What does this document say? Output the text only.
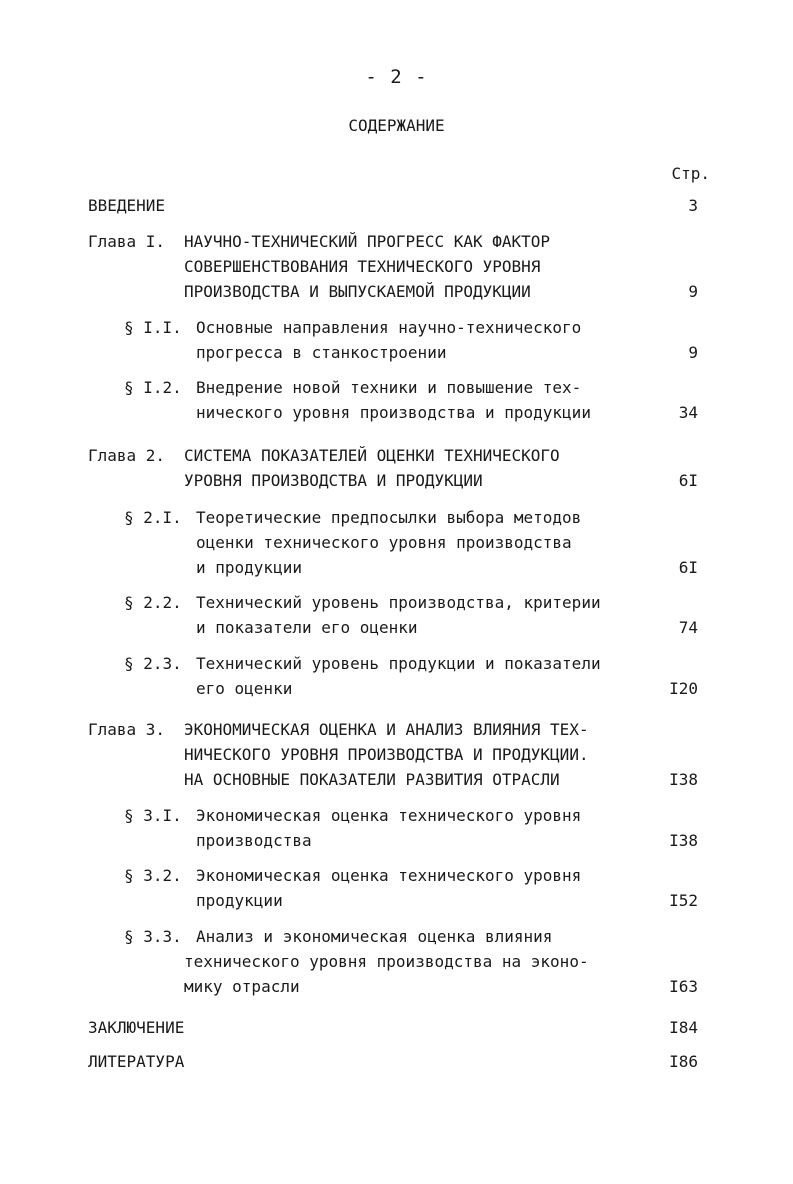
- 2 -
СОДЕРЖАНИЕ
Стр.
ВВЕДЕНИЕ	3
Глава I. НАУЧНО-ТЕХНИЧЕСКИЙ ПРОГРЕСС КАК ФАКТОР
СОВЕРШЕНСТВОВАНИЯ ТЕХНИЧЕСКОГО УРОВНЯ
ПРОИЗВОДСТВА И ВЫПУСКАЕМОЙ ПРОДУКЦИИ	9
§ I.I. Основные направления научно-технического
прогресса в станкостроении	9
§ I.2. Внедрение новой техники и повышение тех-
нического уровня производства и продукции	34
Глава 2. СИСТЕМА ПОКАЗАТЕЛЕЙ ОЦЕНКИ ТЕХНИЧЕСКОГО
УРОВНЯ ПРОИЗВОДСТВА И ПРОДУКЦИИ	6I
§ 2.I. Теоретические предпосылки выбора методов
оценки технического уровня производства
и продукции	6I
§ 2.2. Технический уровень производства, критерии
и показатели его оценки	74
§ 2.3. Технический уровень продукции и показатели
его оценки	I20
Глава 3. ЭКОНОМИЧЕСКАЯ ОЦЕНКА И АНАЛИЗ ВЛИЯНИЯ ТЕХ-
НИЧЕСКОГО УРОВНЯ ПРОИЗВОДСТВА И ПРОДУКЦИИ.
НА ОСНОВНЫЕ ПОКАЗАТЕЛИ РАЗВИТИЯ ОТРАСЛИ	I38
§ 3.I. Экономическая оценка технического уровня
производства	I38
§ 3.2. Экономическая оценка технического уровня
продукции	I52
§ 3.3. Анализ и экономическая оценка влияния
технического уровня производства на эконо-
мику отрасли	I63
ЗАКЛЮЧЕНИЕ	I84
ЛИТЕРАТУРА	I86
